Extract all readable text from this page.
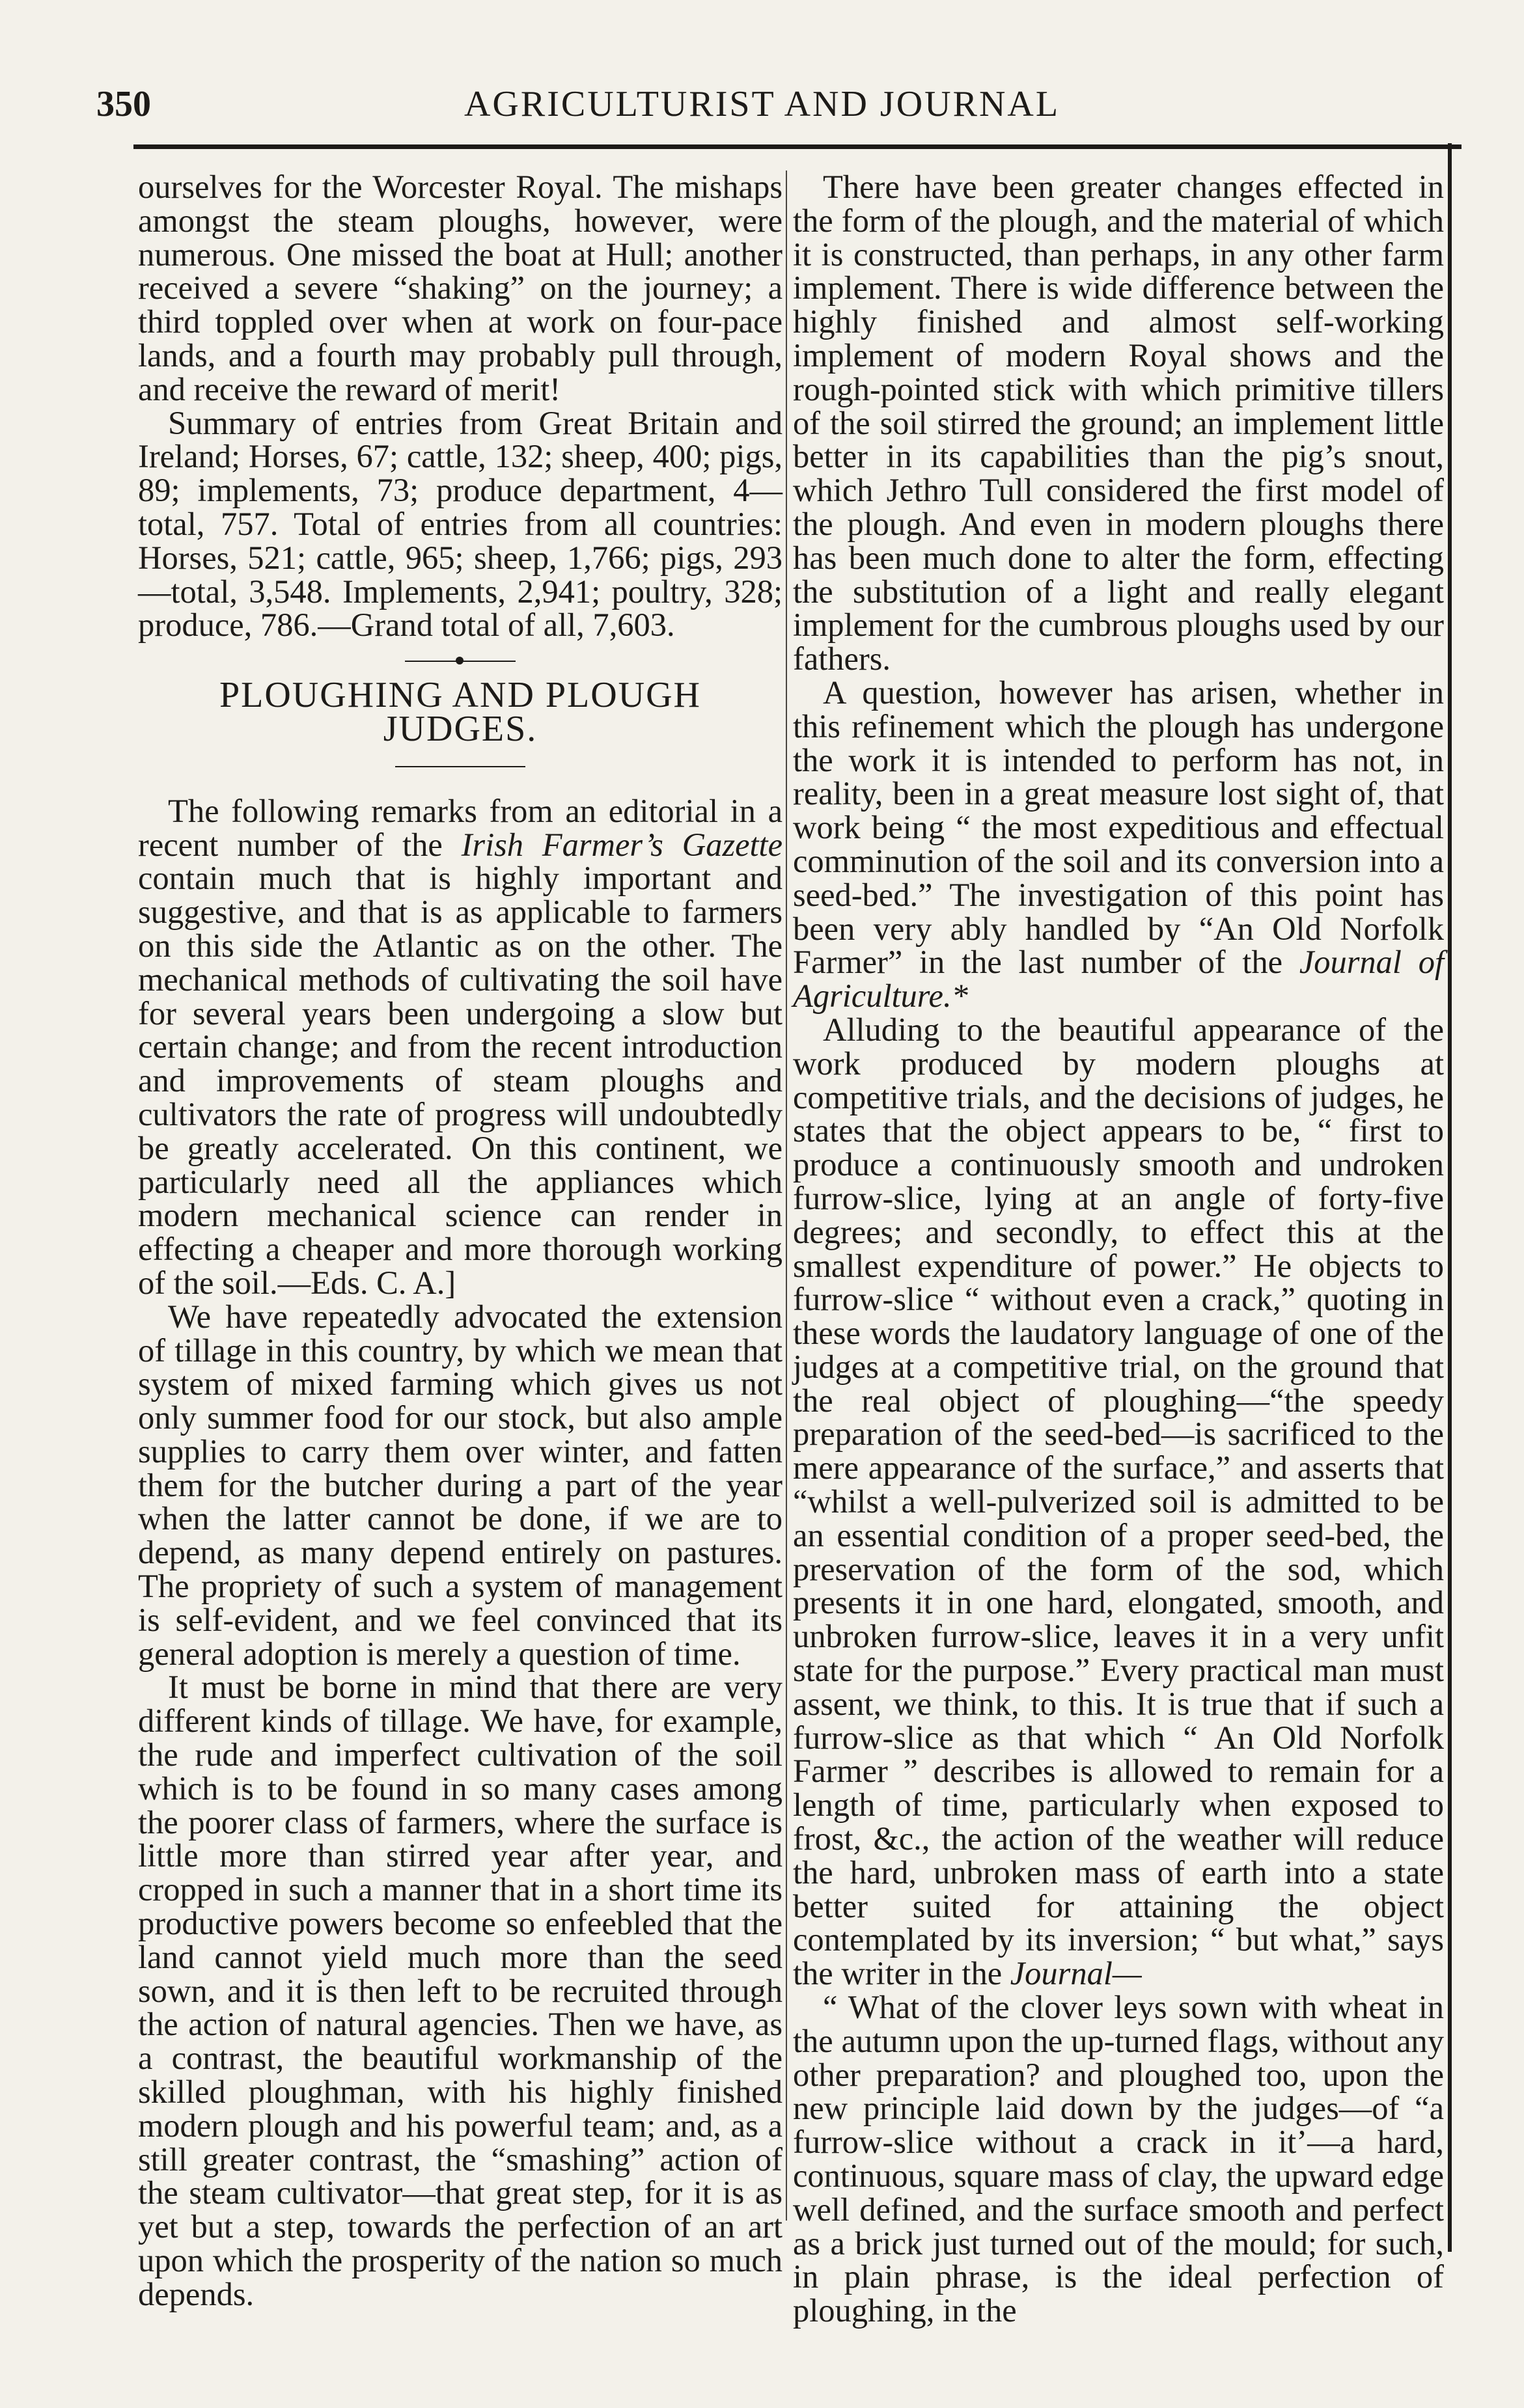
350	AGRICULTURIST AND JOURNAL

ourselves for the Worcester Royal. The mishaps amongst the steam ploughs, however, were numerous. One missed the boat at Hull; another received a severe “shaking” on the journey; a third toppled over when at work on four-pace lands, and a fourth may probably pull through, and receive the reward of merit!

Summary of entries from Great Britain and Ireland; Horses, 67; cattle, 132; sheep, 400; pigs, 89; implements, 73; produce department, 4—total, 757. Total of entries from all countries: Horses, 521; cattle, 965; sheep, 1,766; pigs, 293—total, 3,548. Implements, 2,941; poultry, 328; produce, 786.—Grand total of all, 7,603.

PLOUGHING AND PLOUGH JUDGES.

The following remarks from an editorial in a recent number of the Irish Farmer’s Gazette contain much that is highly important and suggestive, and that is as applicable to farmers on this side the Atlantic as on the other. The mechanical methods of cultivating the soil have for several years been undergoing a slow but certain change; and from the recent introduction and improvements of steam ploughs and cultivators the rate of progress will undoubtedly be greatly accelerated. On this continent, we particularly need all the appliances which modern mechanical science can render in effecting a cheaper and more thorough working of the soil.—Eds. C. A.]

We have repeatedly advocated the extension of tillage in this country, by which we mean that system of mixed farming which gives us not only summer food for our stock, but also ample supplies to carry them over winter, and fatten them for the butcher during a part of the year when the latter cannot be done, if we are to depend, as many depend entirely on pastures. The propriety of such a system of management is self-evident, and we feel convinced that its general adoption is merely a question of time.

It must be borne in mind that there are very different kinds of tillage. We have, for example, the rude and imperfect cultivation of the soil which is to be found in so many cases among the poorer class of farmers, where the surface is little more than stirred year after year, and cropped in such a manner that in a short time its productive powers become so enfeebled that the land cannot yield much more than the seed sown, and it is then left to be recruited through the action of natural agencies. Then we have, as a contrast, the beautiful workmanship of the skilled ploughman, with his highly finished modern plough and his powerful team; and, as a still greater contrast, the “smashing” action of the steam cultivator—that great step, for it is as yet but a step, towards the perfection of an art upon which the prosperity of the nation so much depends.

There have been greater changes effected in the form of the plough, and the material of which it is constructed, than perhaps, in any other farm implement. There is wide difference between the highly finished and almost self-working implement of modern Royal shows and the rough-pointed stick with which primitive tillers of the soil stirred the ground; an implement little better in its capabilities than the pig’s snout, which Jethro Tull considered the first model of the plough. And even in modern ploughs there has been much done to alter the form, effecting the substitution of a light and really elegant implement for the cumbrous ploughs used by our fathers.

A question, however has arisen, whether in this refinement which the plough has undergone the work it is intended to perform has not, in reality, been in a great measure lost sight of, that work being “ the most expeditious and effectual comminution of the soil and its conversion into a seed-bed.” The investigation of this point has been very ably handled by “An Old Norfolk Farmer” in the last number of the Journal of Agriculture.*

Alluding to the beautiful appearance of the work produced by modern ploughs at competitive trials, and the decisions of judges, he states that the object appears to be, “ first to produce a continuously smooth and undroken furrow-slice, lying at an angle of forty-five degrees; and secondly, to effect this at the smallest expenditure of power.” He objects to furrow-slice “ without even a crack,” quoting in these words the laudatory language of one of the judges at a competitive trial, on the ground that the real object of ploughing—“the speedy preparation of the seed-bed—is sacrificed to the mere appearance of the surface,” and asserts that “whilst a well-pulverized soil is admitted to be an essential condition of a proper seed-bed, the preservation of the form of the sod, which presents it in one hard, elongated, smooth, and unbroken furrow-slice, leaves it in a very unfit state for the purpose.” Every practical man must assent, we think, to this. It is true that if such a furrow-slice as that which “ An Old Norfolk Farmer ” describes is allowed to remain for a length of time, particularly when exposed to frost, &c., the action of the weather will reduce the hard, unbroken mass of earth into a state better suited for attaining the object contemplated by its inversion; “ but what,” says the writer in the Journal—

“ What of the clover leys sown with wheat in the autumn upon the up-turned flags, without any other preparation? and ploughed too, upon the new principle laid down by the judges—of “a furrow-slice without a crack in it’—a hard, continuous, square mass of clay, the upward edge well defined, and the surface smooth and perfect as a brick just turned out of the mould; for such, in plain phrase, is the ideal perfection of ploughing, in the
